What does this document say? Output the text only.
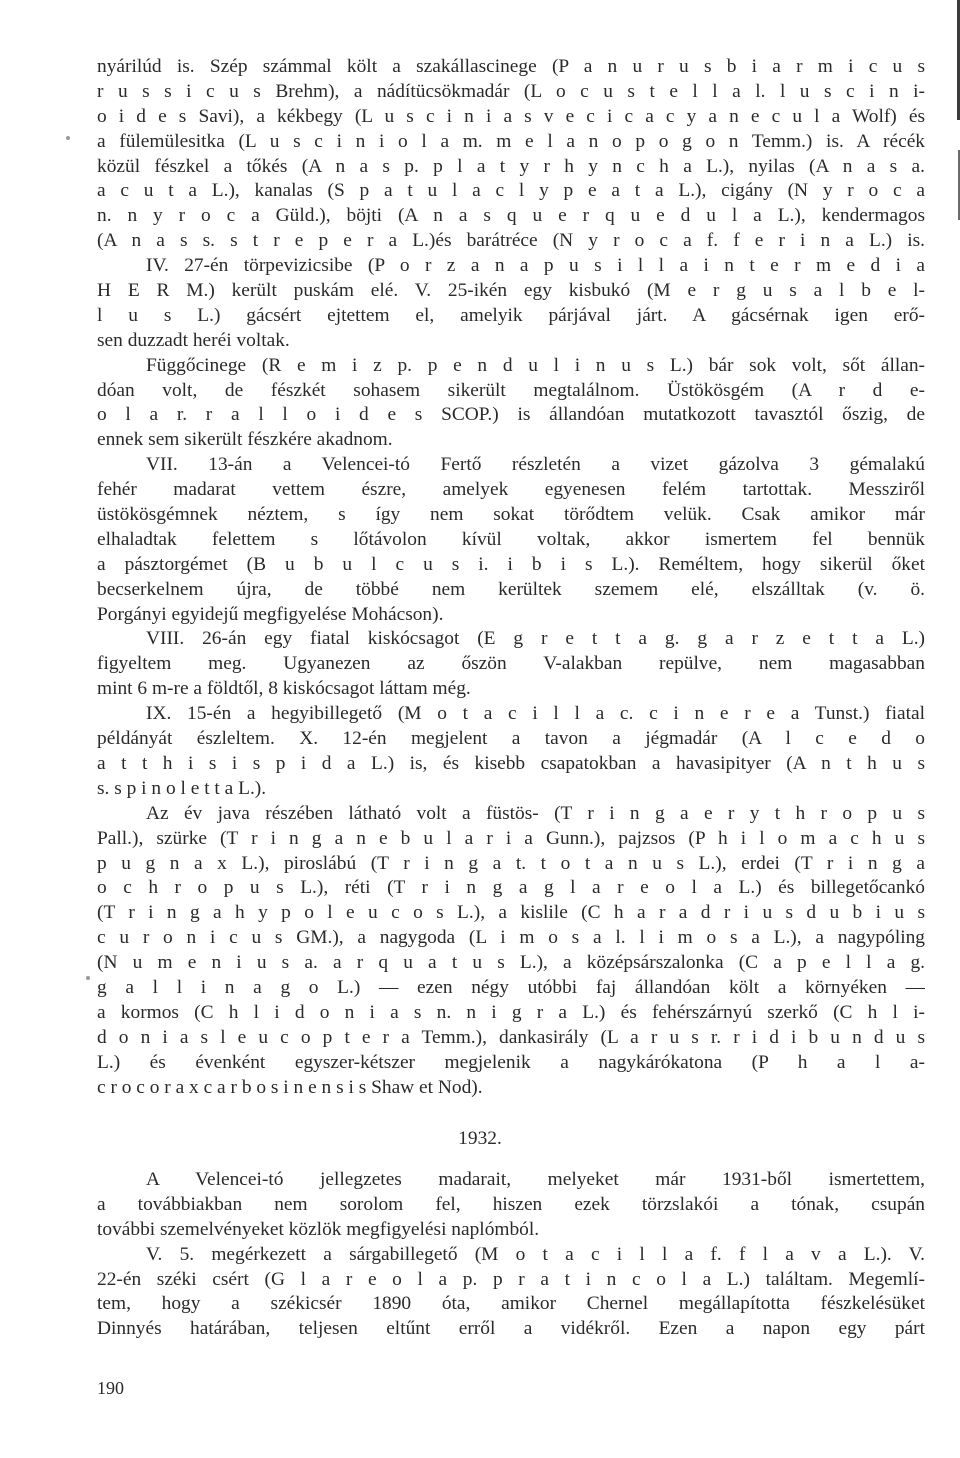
nyárilúd is. Szép számmal költ a szakállascinege (P a n u r u s b i a r m i c u s
r u s s i c u s Brehm), a nádítücsökmadár (L o c u s t e l l a l. l u s c i n i-
o i d e s Savi), a kékbegy (L u s c i n i a s v e c i c a c y a n e c u l a Wolf) és
a fülemülesitka (L u s c i n i o l a m. m e l a n o p o g o n Temm.) is. A récék
közül fészkel a tőkés (A n a s p. p l a t y r h y n c h a L.), nyilas (A n a s a.
a c u t a L.), kanalas (S p a t u l a c l y p e a t a L.), cigány (N y r o c a
n. n y r o c a Güld.), böjti (A n a s q u e r q u e d u l a L.), kendermagos
(A n a s s. s t r e p e r a L.)és barátréce (N y r o c a f. f e r i n a L.) is.
IV. 27-én törpevizicsibe (P o r z a n a p u s i l l a i n t e r m e d i a
H E R M.) került puskám elé. V. 25-ikén egy kisbukó (M e r g u s a l b e l-
l u s L.) gácsért ejtettem el, amelyik párjával járt. A gácsérnak igen erő-
sen duzzadt heréi voltak.
Függőcinege (R e m i z p. p e n d u l i n u s L.) bár sok volt, sőt állan-
dóan volt, de fészkét sohasem sikerült megtalálnom. Üstökösgém (A r d e-
o l a r. r a l l o i d e s SCOP.) is állandóan mutatkozott tavasztól őszig, de
ennek sem sikerült fészkére akadnom.
VII. 13-án a Velencei-tó Fertő részletén a vizet gázolva 3 gémalakú
fehér madarat vettem észre, amelyek egyenesen felém tartottak. Messziről
üstökösgémnek néztem, s így nem sokat törődtem velük. Csak amikor már
elhaladtak felettem s lőtávolon kívül voltak, akkor ismertem fel bennük
a pásztorgémet (B u b u l c u s i. i b i s L.). Reméltem, hogy sikerül őket
becserkelnem újra, de többé nem kerültek szemem elé, elszálltak (v. ö.
Porgányi egyidejű megfigyelése Mohácson).
VIII. 26-án egy fiatal kiskócsagot (E g r e t t a g. g a r z e t t a L.)
figyeltem meg. Ugyanezen az őszön V-alakban repülve, nem magasabban
mint 6 m-re a földtől, 8 kiskócsagot láttam még.
IX. 15-én a hegyibillegető (M o t a c i l l a c. c i n e r e a Tunst.) fiatal
példányát észleltem. X. 12-én megjelent a tavon a jégmadár (A l c e d o
a t t h i s i s p i d a L.) is, és kisebb csapatokban a havasipityer (A n t h u s
s. s p i n o l e t t a L.).
Az év java részében látható volt a füstös- (T r i n g a e r y t h r o p u s
Pall.), szürke (T r i n g a n e b u l a r i a Gunn.), pajzsos (P h i l o m a c h u s
p u g n a x L.), piroslábú (T r i n g a t. t o t a n u s L.), erdei (T r i n g a
o c h r o p u s L.), réti (T r i n g a g l a r e o l a L.) és billegetőcankó
(T r i n g a h y p o l e u c o s L.), a kislile (C h a r a d r i u s d u b i u s
c u r o n i c u s GM.), a nagygoda (L i m o s a l. l i m o s a L.), a nagypóling
(N u m e n i u s a. a r q u a t u s L.), a középsárszalonka (C a p e l l a g.
g a l l i n a g o L.) — ezen négy utóbbi faj állandóan költ a környéken —
a kormos (C h l i d o n i a s n. n i g r a L.) és fehérszárnyú szerkő (C h l i-
d o n i a s l e u c o p t e r a Temm.), dankasirály (L a r u s r. r i d i b u n d u s
L.) és évenként egyszer-kétszer megjelenik a nagykárókatona (P h a l a-
c r o c o r a x c a r b o s i n e n s i s Shaw et Nod).
1932.
A Velencei-tó jellegzetes madarait, melyeket már 1931-ből ismertettem,
a továbbiakban nem sorolom fel, hiszen ezek törzslakói a tónak, csupán
további szemelvényeket közlök megfigyelési naplómból.
V. 5. megérkezett a sárgabillegető (M o t a c i l l a f. f l a v a L.). V.
22-én széki csért (G l a r e o l a p. p r a t i n c o l a L.) találtam. Megemlí-
tem, hogy a székicsér 1890 óta, amikor Chernel megállapította fészkelésüket
Dinnyés határában, teljesen eltűnt erről a vidékről. Ezen a napon egy párt
190
